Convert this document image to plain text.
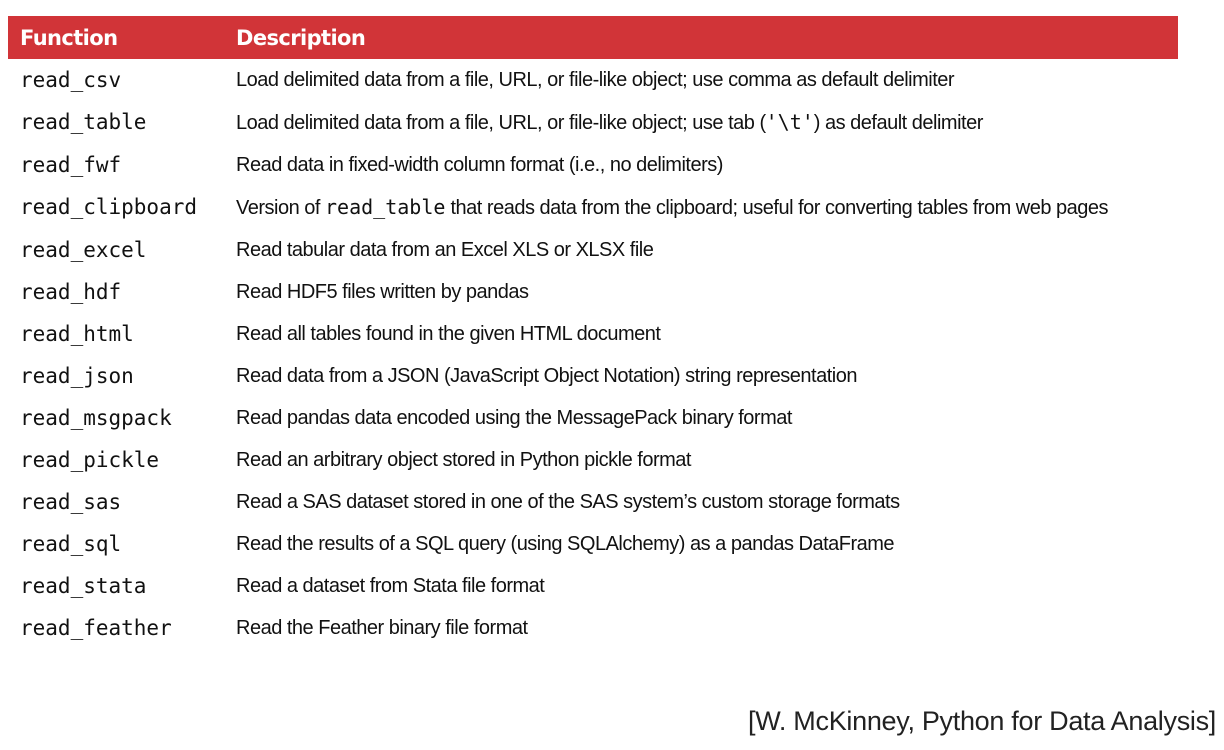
Function	Description
read_csv	Load delimited data from a file, URL, or file-like object; use comma as default delimiter
read_table	Load delimited data from a file, URL, or file-like object; use tab ('\t') as default delimiter
read_fwf	Read data in fixed-width column format (i.e., no delimiters)
read_clipboard	Version of read_table that reads data from the clipboard; useful for converting tables from web pages
read_excel	Read tabular data from an Excel XLS or XLSX file
read_hdf	Read HDF5 files written by pandas
read_html	Read all tables found in the given HTML document
read_json	Read data from a JSON (JavaScript Object Notation) string representation
read_msgpack	Read pandas data encoded using the MessagePack binary format
read_pickle	Read an arbitrary object stored in Python pickle format
read_sas	Read a SAS dataset stored in one of the SAS system’s custom storage formats
read_sql	Read the results of a SQL query (using SQLAlchemy) as a pandas DataFrame
read_stata	Read a dataset from Stata file format
read_feather	Read the Feather binary file format
[W. McKinney, Python for Data Analysis]
